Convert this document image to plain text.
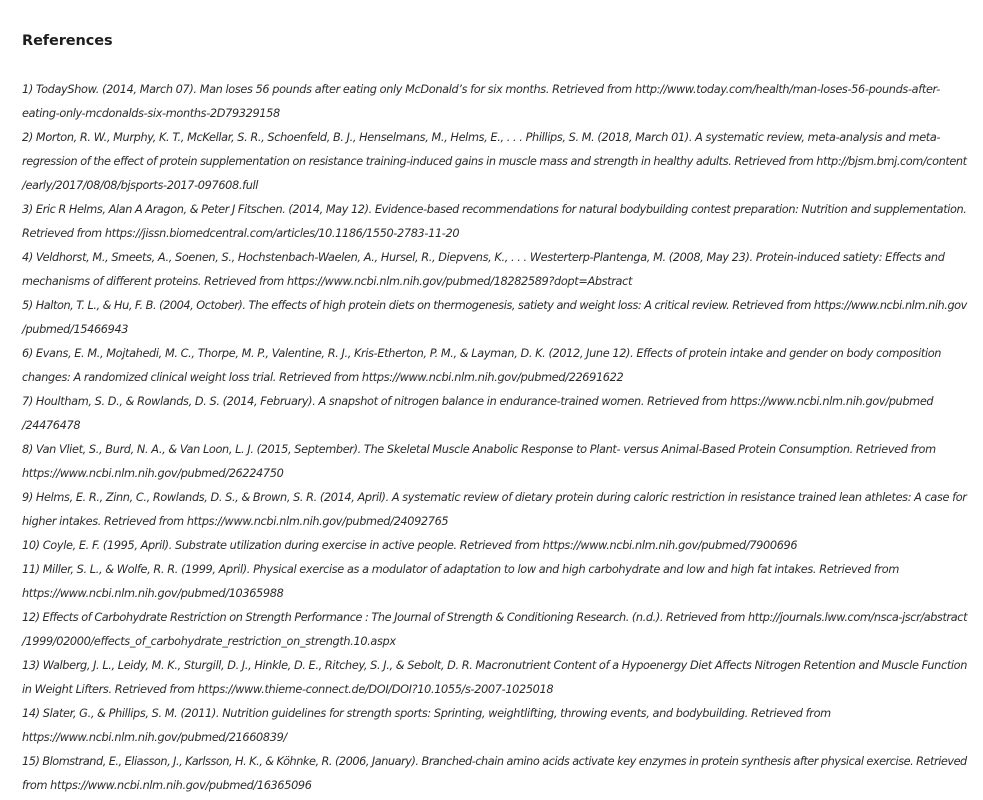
References
1) TodayShow. (2014, March 07). Man loses 56 pounds after eating only McDonald’s for six months. Retrieved from http://www.today.com/health/man-loses-56-pounds-after-
eating-only-mcdonalds-six-months-2D79329158
2) Morton, R. W., Murphy, K. T., McKellar, S. R., Schoenfeld, B. J., Henselmans, M., Helms, E., . . . Phillips, S. M. (2018, March 01). A systematic review, meta-analysis and meta-
regression of the effect of protein supplementation on resistance training-induced gains in muscle mass and strength in healthy adults. Retrieved from http://bjsm.bmj.com/content
/early/2017/08/08/bjsports-2017-097608.full
3) Eric R Helms, Alan A Aragon, & Peter J Fitschen. (2014, May 12). Evidence-based recommendations for natural bodybuilding contest preparation: Nutrition and supplementation.
Retrieved from https://jissn.biomedcentral.com/articles/10.1186/1550-2783-11-20
4) Veldhorst, M., Smeets, A., Soenen, S., Hochstenbach-Waelen, A., Hursel, R., Diepvens, K., . . . Westerterp-Plantenga, M. (2008, May 23). Protein-induced satiety: Effects and
mechanisms of different proteins. Retrieved from https://www.ncbi.nlm.nih.gov/pubmed/18282589?dopt=Abstract
5) Halton, T. L., & Hu, F. B. (2004, October). The effects of high protein diets on thermogenesis, satiety and weight loss: A critical review. Retrieved from https://www.ncbi.nlm.nih.gov
/pubmed/15466943
6) Evans, E. M., Mojtahedi, M. C., Thorpe, M. P., Valentine, R. J., Kris-Etherton, P. M., & Layman, D. K. (2012, June 12). Effects of protein intake and gender on body composition
changes: A randomized clinical weight loss trial. Retrieved from https://www.ncbi.nlm.nih.gov/pubmed/22691622
7) Houltham, S. D., & Rowlands, D. S. (2014, February). A snapshot of nitrogen balance in endurance-trained women. Retrieved from https://www.ncbi.nlm.nih.gov/pubmed
/24476478
8) Van Vliet, S., Burd, N. A., & Van Loon, L. J. (2015, September). The Skeletal Muscle Anabolic Response to Plant- versus Animal-Based Protein Consumption. Retrieved from
https://www.ncbi.nlm.nih.gov/pubmed/26224750
9) Helms, E. R., Zinn, C., Rowlands, D. S., & Brown, S. R. (2014, April). A systematic review of dietary protein during caloric restriction in resistance trained lean athletes: A case for
higher intakes. Retrieved from https://www.ncbi.nlm.nih.gov/pubmed/24092765
10) Coyle, E. F. (1995, April). Substrate utilization during exercise in active people. Retrieved from https://www.ncbi.nlm.nih.gov/pubmed/7900696
11) Miller, S. L., & Wolfe, R. R. (1999, April). Physical exercise as a modulator of adaptation to low and high carbohydrate and low and high fat intakes. Retrieved from
https://www.ncbi.nlm.nih.gov/pubmed/10365988
12) Effects of Carbohydrate Restriction on Strength Performance : The Journal of Strength & Conditioning Research. (n.d.). Retrieved from http://journals.lww.com/nsca-jscr/abstract
/1999/02000/effects_of_carbohydrate_restriction_on_strength.10.aspx
13) Walberg, J. L., Leidy, M. K., Sturgill, D. J., Hinkle, D. E., Ritchey, S. J., & Sebolt, D. R. Macronutrient Content of a Hypoenergy Diet Affects Nitrogen Retention and Muscle Function
in Weight Lifters. Retrieved from https://www.thieme-connect.de/DOI/DOI?10.1055/s-2007-1025018
14) Slater, G., & Phillips, S. M. (2011). Nutrition guidelines for strength sports: Sprinting, weightlifting, throwing events, and bodybuilding. Retrieved from
https://www.ncbi.nlm.nih.gov/pubmed/21660839/
15) Blomstrand, E., Eliasson, J., Karlsson, H. K., & Köhnke, R. (2006, January). Branched-chain amino acids activate key enzymes in protein synthesis after physical exercise. Retrieved
from https://www.ncbi.nlm.nih.gov/pubmed/16365096
